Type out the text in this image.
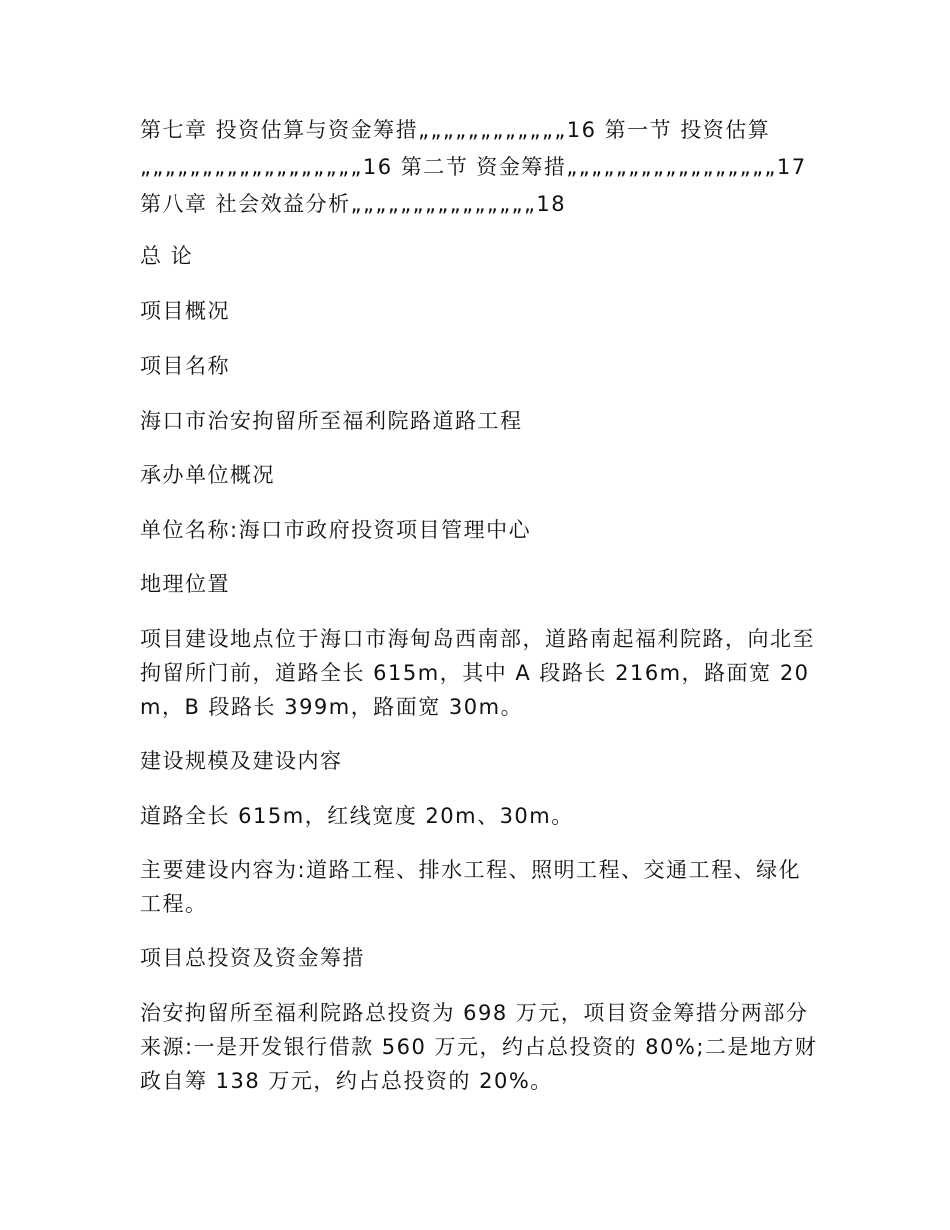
第七章 投资估算与资金筹措„„„„„„„„„„„„16 第一节 投资估算„„„„„„„„„„„„„„„„„„16 第二节 资金筹措„„„„„„„„„„„„„„„„„17 第八章 社会效益分析„„„„„„„„„„„„„„„18

总 论

项目概况

项目名称

海口市治安拘留所至福利院路道路工程

承办单位概况

单位名称:海口市政府投资项目管理中心

地理位置

项目建设地点位于海口市海甸岛西南部，道路南起福利院路，向北至拘留所门前，道路全长 615m，其中 A 段路长 216m，路面宽 20m，B 段路长 399m，路面宽 30m。

建设规模及建设内容

道路全长 615m，红线宽度 20m、30m。

主要建设内容为:道路工程、排水工程、照明工程、交通工程、绿化工程。

项目总投资及资金筹措

治安拘留所至福利院路总投资为 698 万元，项目资金筹措分两部分来源:一是开发银行借款 560 万元，约占总投资的 80%;二是地方财政自筹 138 万元，约占总投资的 20%。
